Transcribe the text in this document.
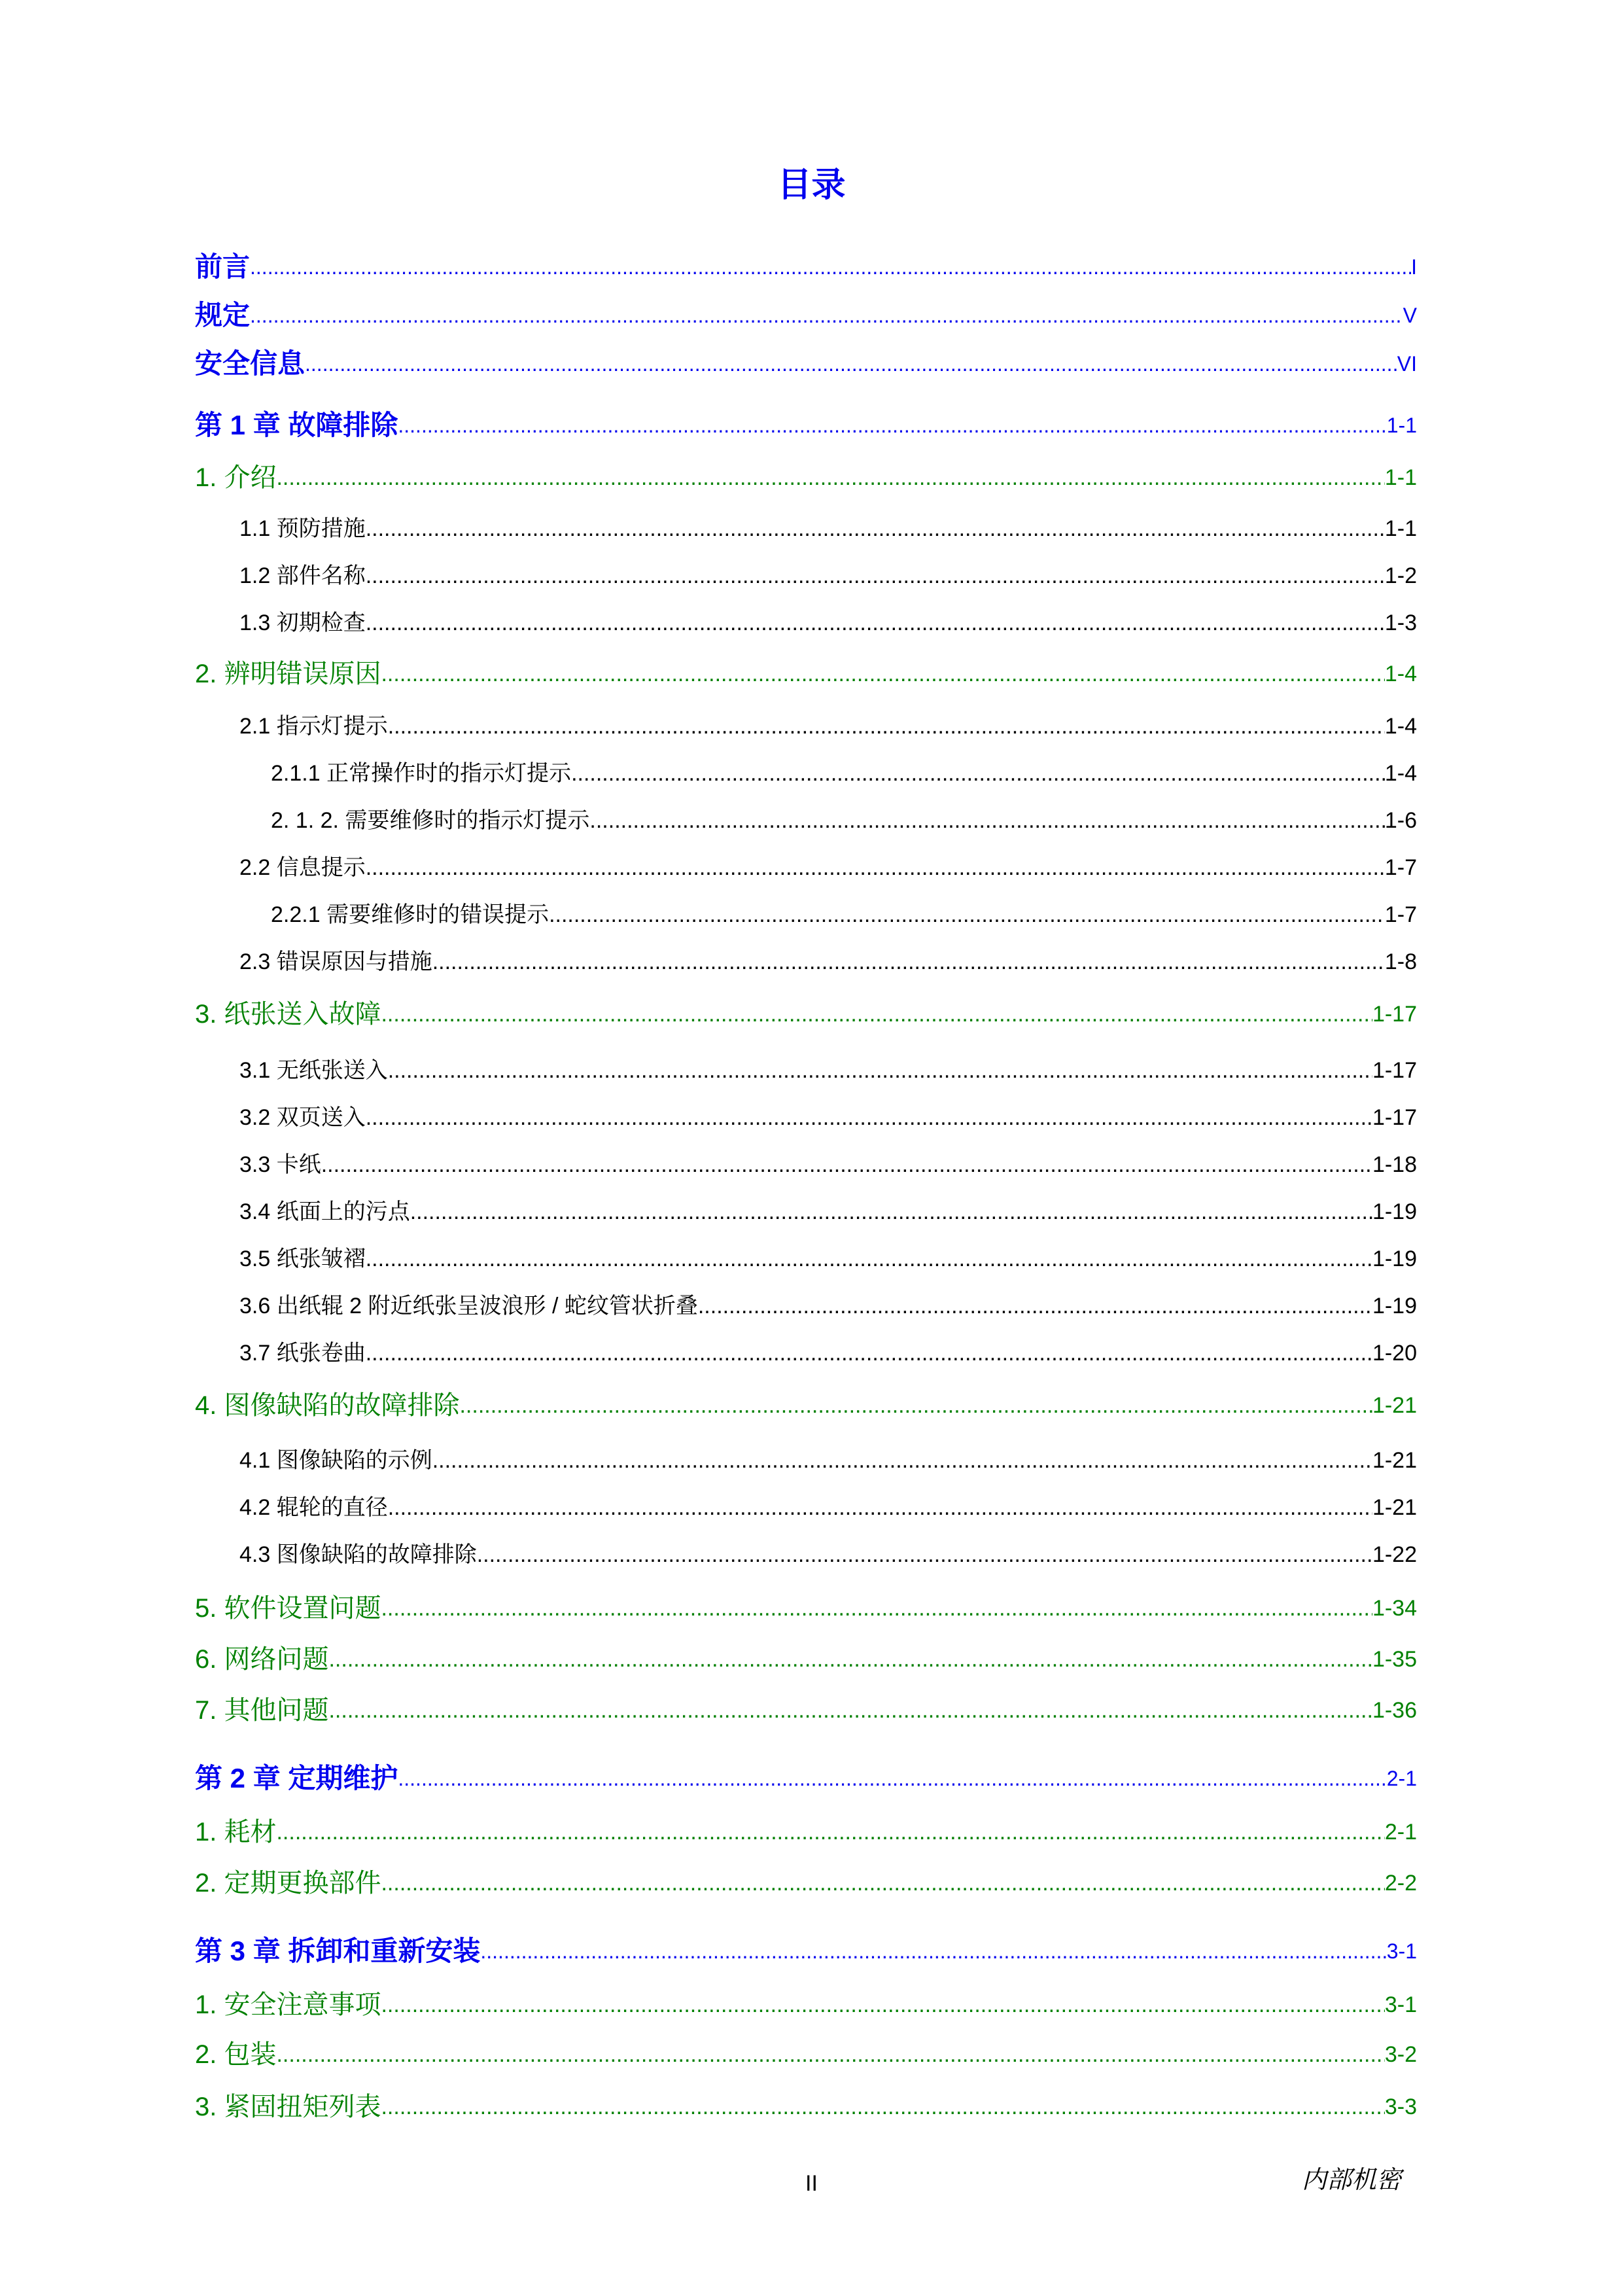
目录
前言 .....	I
规定 .....	V
安全信息 .....	VI
第 1 章 故障排除 .....	1-1
1. 介绍 .....	1-1
1.1 预防措施 .....	1-1
1.2 部件名称 .....	1-2
1.3 初期检查 .....	1-3
2. 辨明错误原因 .....	1-4
2.1 指示灯提示 .....	1-4
2.1.1 正常操作时的指示灯提示 .....	1-4
2. 1. 2. 需要维修时的指示灯提示 .....	1-6
2.2 信息提示 .....	1-7
2.2.1 需要维修时的错误提示 .....	1-7
2.3 错误原因与措施 .....	1-8
3. 纸张送入故障 .....	1-17
3.1 无纸张送入 .....	1-17
3.2 双页送入 .....	1-17
3.3 卡纸 .....	1-18
3.4 纸面上的污点 .....	1-19
3.5 纸张皱褶 .....	1-19
3.6 出纸辊 2 附近纸张呈波浪形 / 蛇纹管状折叠 .....	1-19
3.7 纸张卷曲 .....	1-20
4. 图像缺陷的故障排除 .....	1-21
4.1 图像缺陷的示例 .....	1-21
4.2 辊轮的直径 .....	1-21
4.3 图像缺陷的故障排除 .....	1-22
5. 软件设置问题 .....	1-34
6. 网络问题 .....	1-35
7. 其他问题 .....	1-36
第 2 章 定期维护 .....	2-1
1. 耗材 .....	2-1
2. 定期更换部件 .....	2-2
第 3 章 拆卸和重新安装 .....	3-1
1. 安全注意事项 .....	3-1
2. 包装 .....	3-2
3. 紧固扭矩列表 .....	3-3
II	内部机密
